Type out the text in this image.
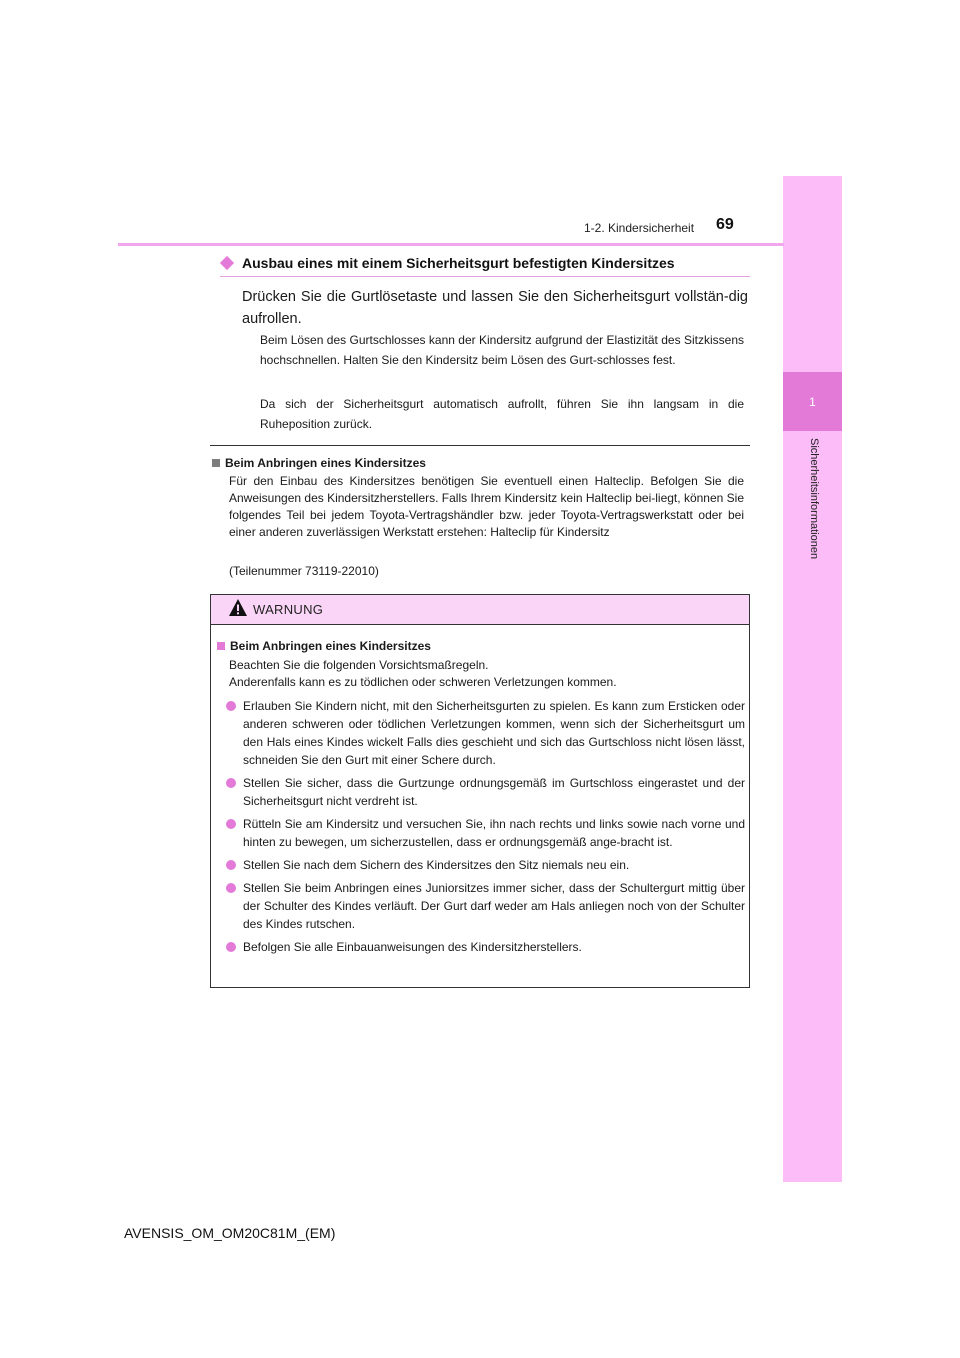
1
Sicherheitsinformationen
1-2. Kindersicherheit 69
Ausbau eines mit einem Sicherheitsgurt befestigten Kindersitzes
Drücken Sie die Gurtlösetaste und lassen Sie den Sicherheitsgurt vollstän-dig aufrollen.
Beim Lösen des Gurtschlosses kann der Kindersitz aufgrund der Elastizität des Sitzkissens hochschnellen. Halten Sie den Kindersitz beim Lösen des Gurt-schlosses fest.
Da sich der Sicherheitsgurt automatisch aufrollt, führen Sie ihn langsam in die Ruheposition zurück.
Beim Anbringen eines Kindersitzes
Für den Einbau des Kindersitzes benötigen Sie eventuell einen Halteclip. Befolgen Sie die Anweisungen des Kindersitzherstellers. Falls Ihrem Kindersitz kein Halteclip bei-liegt, können Sie folgendes Teil bei jedem Toyota-Vertragshändler bzw. jeder Toyota-Vertragswerkstatt oder bei einer anderen zuverlässigen Werkstatt erstehen: Halteclip für Kindersitz
(Teilenummer 73119-22010)
WARNUNG
Beim Anbringen eines Kindersitzes
Beachten Sie die folgenden Vorsichtsmaßregeln.
Anderenfalls kann es zu tödlichen oder schweren Verletzungen kommen.
Erlauben Sie Kindern nicht, mit den Sicherheitsgurten zu spielen. Es kann zum Ersticken oder anderen schweren oder tödlichen Verletzungen kommen, wenn sich der Sicherheitsgurt um den Hals eines Kindes wickelt Falls dies geschieht und sich das Gurtschloss nicht lösen lässt, schneiden Sie den Gurt mit einer Schere durch.
Stellen Sie sicher, dass die Gurtzunge ordnungsgemäß im Gurtschloss eingerastet und der Sicherheitsgurt nicht verdreht ist.
Rütteln Sie am Kindersitz und versuchen Sie, ihn nach rechts und links sowie nach vorne und hinten zu bewegen, um sicherzustellen, dass er ordnungsgemäß ange-bracht ist.
Stellen Sie nach dem Sichern des Kindersitzes den Sitz niemals neu ein.
Stellen Sie beim Anbringen eines Juniorsitzes immer sicher, dass der Schultergurt mittig über der Schulter des Kindes verläuft. Der Gurt darf weder am Hals anliegen noch von der Schulter des Kindes rutschen.
Befolgen Sie alle Einbauanweisungen des Kindersitzherstellers.
AVENSIS_OM_OM20C81M_(EM)
